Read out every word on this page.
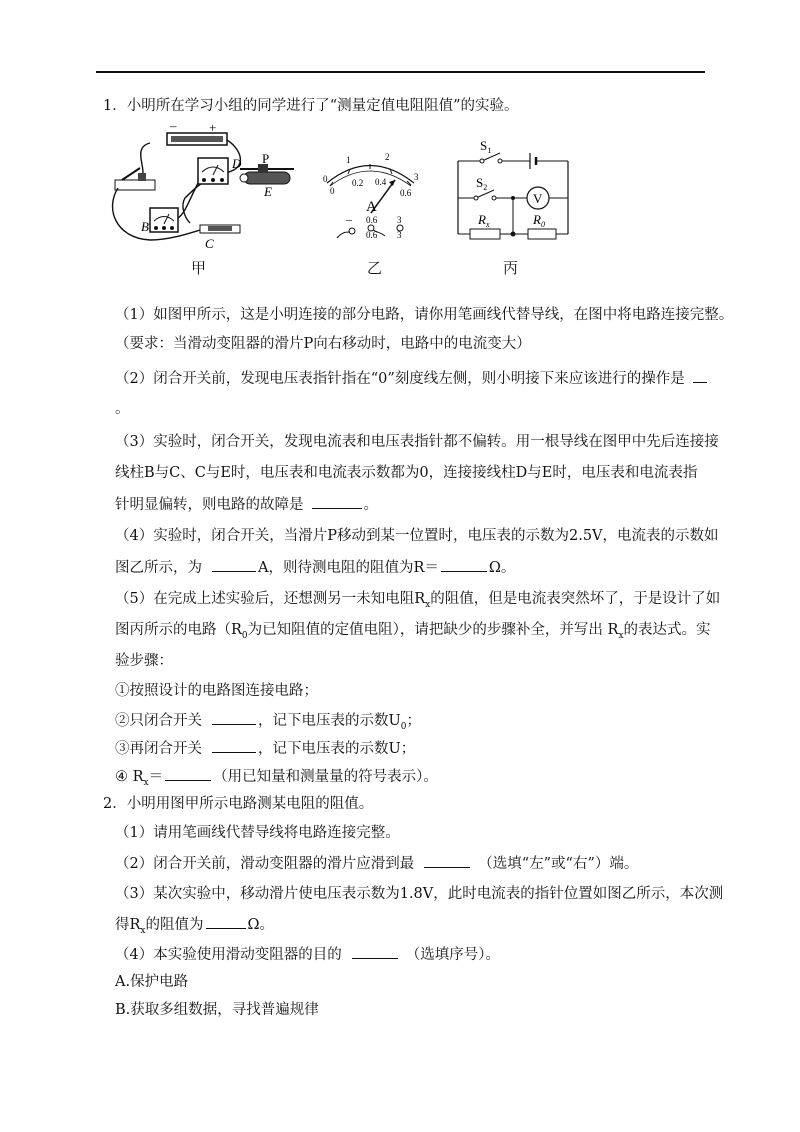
1．小明所在学习小组的同学进行了“测量定值电阻阻值”的实验。
–	+
D P
E
B
C
0
1	2
3
0
0.2 0.4
0.6
A
– 0.6 3
0.6 3
$S_1$
$S_2$
V
$R_x$	$R_0$
甲	乙	丙
（1）如图甲所示，这是小明连接的部分电路，请你用笔画线代替导线，在图中将电路连接完整。
（要求：当滑动变阻器的滑片P向右移动时，电路中的电流变大）
（2）闭合开关前，发现电压表指针指在“0”刻度线左侧，则小明接下来应该进行的操作是
。
（3）实验时，闭合开关，发现电流表和电压表指针都不偏转。用一根导线在图甲中先后连接接
线柱B与C、C与E时，电压表和电流表示数都为0，连接接线柱D与E时，电压表和电流表指
针明显偏转，则电路的故障是	。
（4）实验时，闭合开关，当滑片P移动到某一位置时，电压表的示数为2.5V，电流表的示数如
图乙所示，为	A，则待测电阻的阻值为R＝	Ω。
（5）在完成上述实验后，还想测另一未知电阻$R_x$的阻值，但是电流表突然坏了，于是设计了如
图丙所示的电路（$R_0$为已知阻值的定值电阻），请把缺少的步骤补全，并写出 $R_x$的表达式。实
验步骤：
①按照设计的电路图连接电路；
②只闭合开关	，记下电压表的示数$U_0$；
③再闭合开关	，记下电压表的示数U；
④ $R_x=$	（用已知量和测量量的符号表示）。
2．小明用图甲所示电路测某电阻的阻值。
（1）请用笔画线代替导线将电路连接完整。
（2）闭合开关前，滑动变阻器的滑片应滑到最	（选填“左”或“右”）端。
（3）某次实验中，移动滑片使电压表示数为1.8V，此时电流表的指针位置如图乙所示，本次测
得$R_x$的阻值为	Ω。
（4）本实验使用滑动变阻器的目的	（选填序号）。
A.保护电路
B.获取多组数据，寻找普遍规律
